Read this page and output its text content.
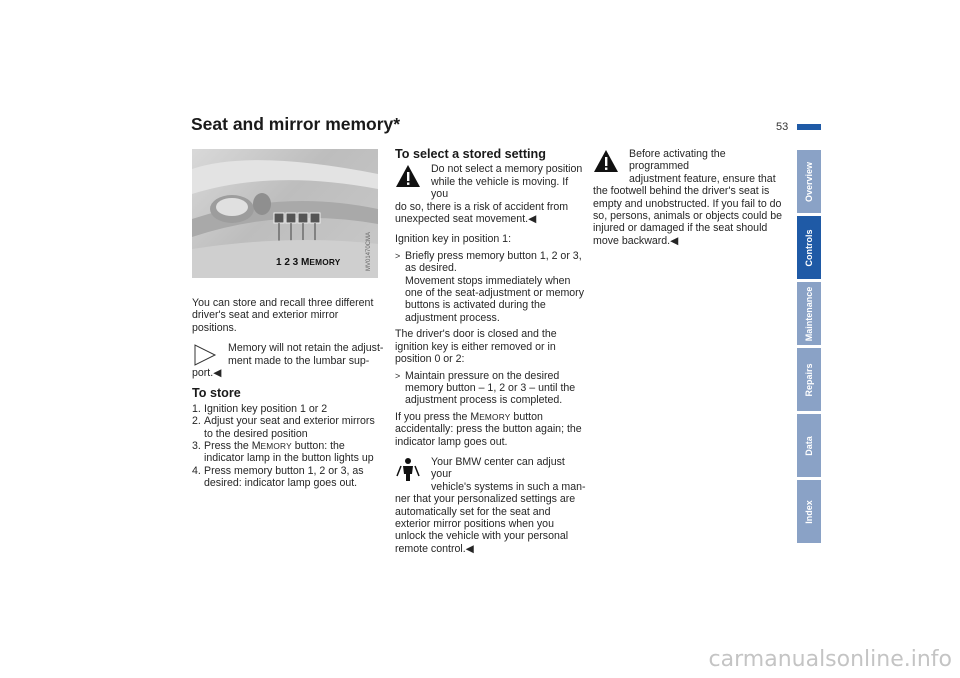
Seat and mirror memory*	53
1 2 3 MEMORY	MV01470CMA

You can store and recall three different driver's seat and exterior mirror positions.

Memory will not retain the adjust-
ment made to the lumbar sup-
port.◀
To store
1. Ignition key position 1 or 2
2. Adjust your seat and exterior mirrors to the desired position
3. Press the MEMORY button: the indicator lamp in the button lights up
4. Press memory button 1, 2 or 3, as desired: indicator lamp goes out.
To select a stored setting
Do not select a memory position
while the vehicle is moving. If you
do so, there is a risk of accident from unexpected seat movement.◀

Ignition key in position 1:

> Briefly press memory button 1, 2 or 3, as desired.
Movement stops immediately when one of the seat-adjustment or memory buttons is activated during the adjustment process.

The driver's door is closed and the ignition key is either removed or in position 0 or 2:

> Maintain pressure on the desired memory button – 1, 2 or 3 – until the adjustment process is completed.

If you press the MEMORY button accidentally: press the button again; the indicator lamp goes out.

Your BMW center can adjust your
vehicle's systems in such a man-
ner that your personalized settings are automatically set for the seat and exterior mirror positions when you unlock the vehicle with your personal remote control.◀
Before activating the programmed
adjustment feature, ensure that
the footwell behind the driver's seat is empty and unobstructed. If you fail to do so, persons, animals or objects could be injured or damaged if the seat should move backward.◀
Overview
Controls
Maintenance
Repairs
Data
Index
carmanualsonline.info
